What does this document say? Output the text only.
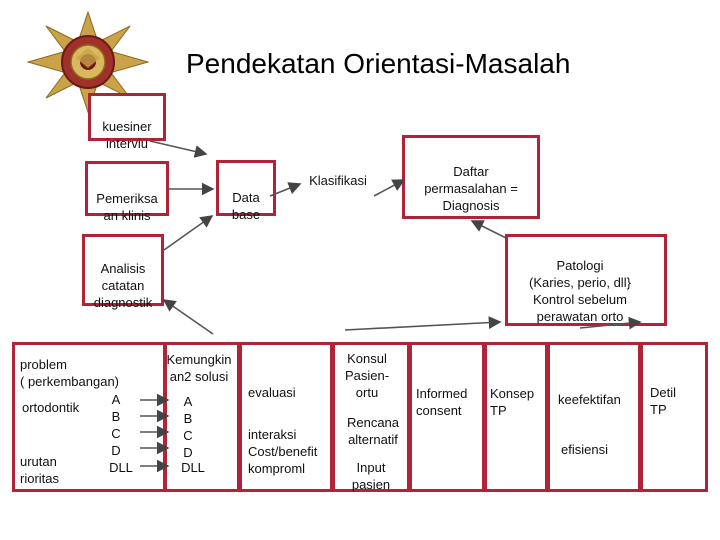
Pendekatan Orientasi-Masalah

kuesiner
interviu

Pemeriksa
an klinis

Data
base

Klasifikasi

Daftar
permasalahan =
Diagnosis

Analisis
catatan
diagnostik

Patologi
(Karies, perio, dll}
Kontrol sebelum
perawatan orto

problem
( perkembangan)
ortodontik
urutan
rioritas
A
B
C
D
DLL
Kemungkin
an2 solusi
A
B
C
D
DLL
evaluasi
interaksi
Cost/benefit
komproml
Konsul
Pasien-
ortu
Rencana
alternatif
Input
pasien
Informed
consent
Konsep
TP
keefektifan
efisiensi
Detil
TP
